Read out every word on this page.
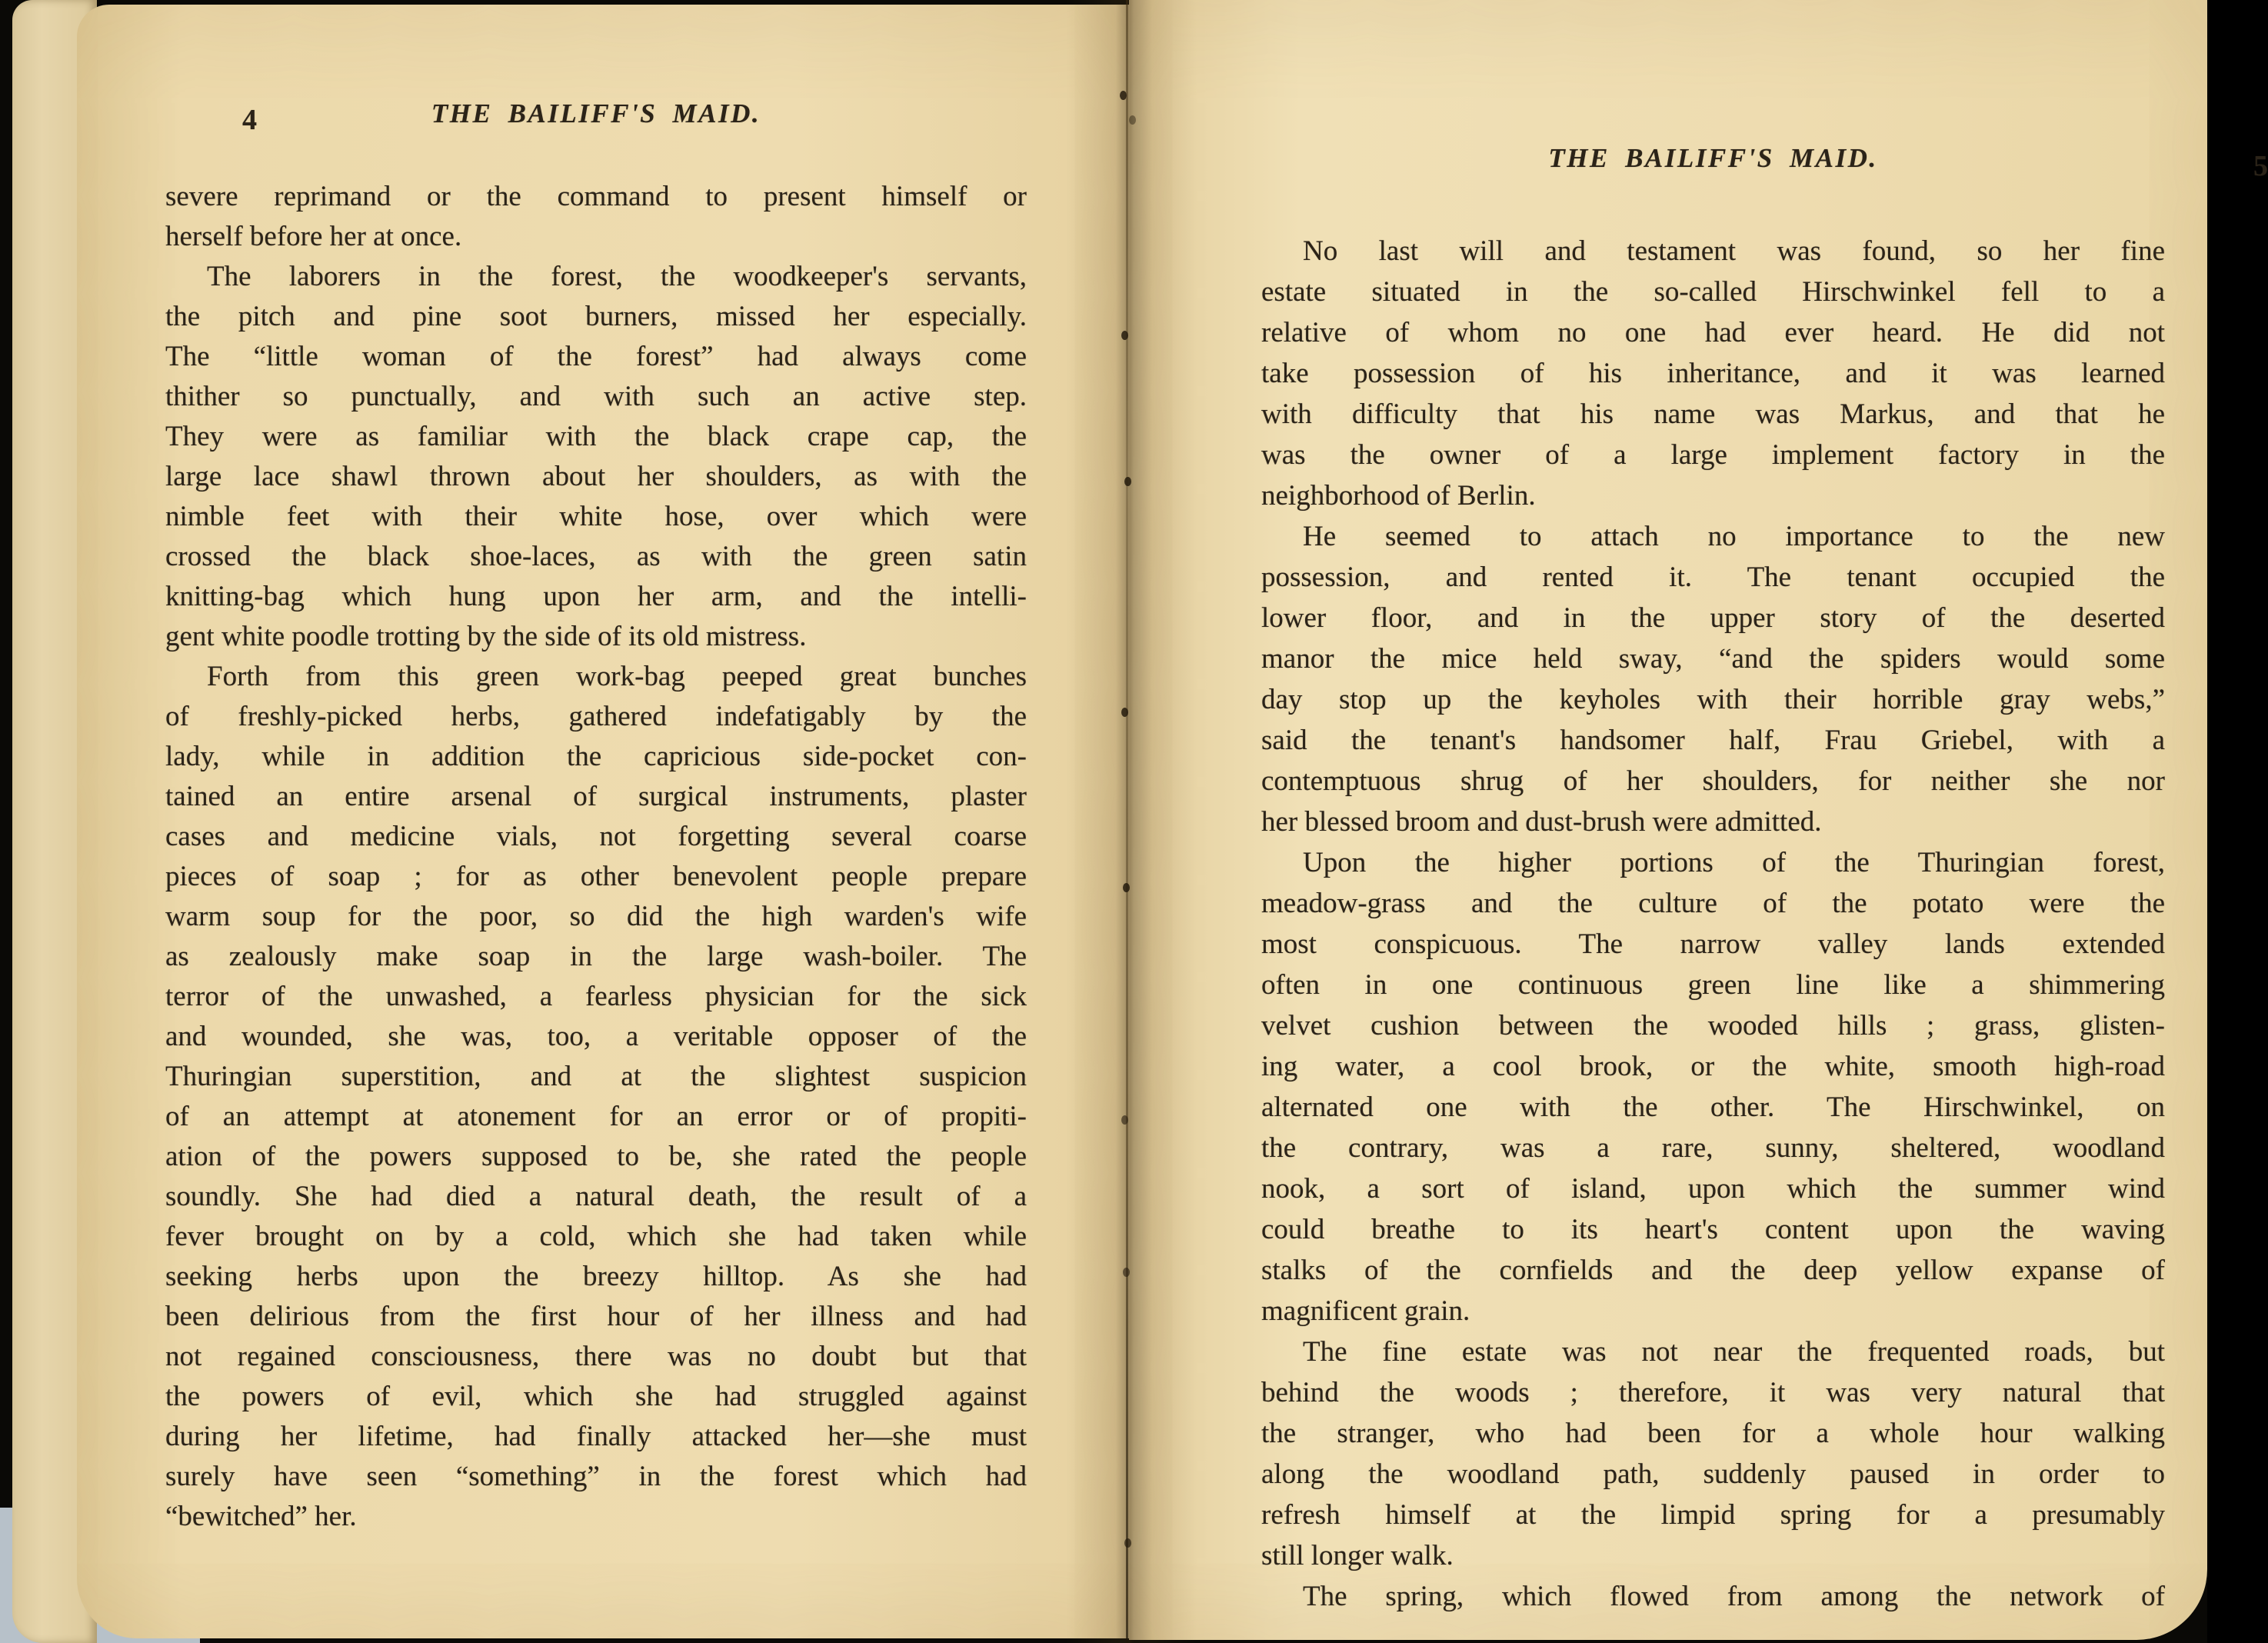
4	THE BAILIFF'S MAID.
severe reprimand or the command to present himself or
herself before her at once.
The laborers in the forest, the woodkeeper's servants,
the pitch and pine soot burners, missed her especially.
The “little woman of the forest” had always come
thither so punctually, and with such an active step.
They were as familiar with the black crape cap, the
large lace shawl thrown about her shoulders, as with the
nimble feet with their white hose, over which were
crossed the black shoe-laces, as with the green satin
knitting-bag which hung upon her arm, and the intelli-
gent white poodle trotting by the side of its old mistress.
Forth from this green work-bag peeped great bunches
of freshly-picked herbs, gathered indefatigably by the
lady, while in addition the capricious side-pocket con-
tained an entire arsenal of surgical instruments, plaster
cases and medicine vials, not forgetting several coarse
pieces of soap ; for as other benevolent people prepare
warm soup for the poor, so did the high warden's wife
as zealously make soap in the large wash-boiler. The
terror of the unwashed, a fearless physician for the sick
and wounded, she was, too, a veritable opposer of the
Thuringian superstition, and at the slightest suspicion
of an attempt at atonement for an error or of propiti-
ation of the powers supposed to be, she rated the people
soundly. She had died a natural death, the result of a
fever brought on by a cold, which she had taken while
seeking herbs upon the breezy hilltop. As she had
been delirious from the first hour of her illness and had
not regained consciousness, there was no doubt but that
the powers of evil, which she had struggled against
during her lifetime, had finally attacked her—she must
surely have seen “something” in the forest which had
“bewitched” her.
THE BAILIFF'S MAID.	5
No last will and testament was found, so her fine
estate situated in the so-called Hirschwinkel fell to a
relative of whom no one had ever heard. He did not
take possession of his inheritance, and it was learned
with difficulty that his name was Markus, and that he
was the owner of a large implement factory in the
neighborhood of Berlin.
He seemed to attach no importance to the new
possession, and rented it. The tenant occupied the
lower floor, and in the upper story of the deserted
manor the mice held sway, “and the spiders would some
day stop up the keyholes with their horrible gray webs,”
said the tenant's handsomer half, Frau Griebel, with a
contemptuous shrug of her shoulders, for neither she nor
her blessed broom and dust-brush were admitted.
Upon the higher portions of the Thuringian forest,
meadow-grass and the culture of the potato were the
most conspicuous. The narrow valley lands extended
often in one continuous green line like a shimmering
velvet cushion between the wooded hills ; grass, glisten-
ing water, a cool brook, or the white, smooth high-road
alternated one with the other. The Hirschwinkel, on
the contrary, was a rare, sunny, sheltered, woodland
nook, a sort of island, upon which the summer wind
could breathe to its heart's content upon the waving
stalks of the cornfields and the deep yellow expanse of
magnificent grain.
The fine estate was not near the frequented roads, but
behind the woods ; therefore, it was very natural that
the stranger, who had been for a whole hour walking
along the woodland path, suddenly paused in order to
refresh himself at the limpid spring for a presumably
still longer walk.
The spring, which flowed from among the network of
